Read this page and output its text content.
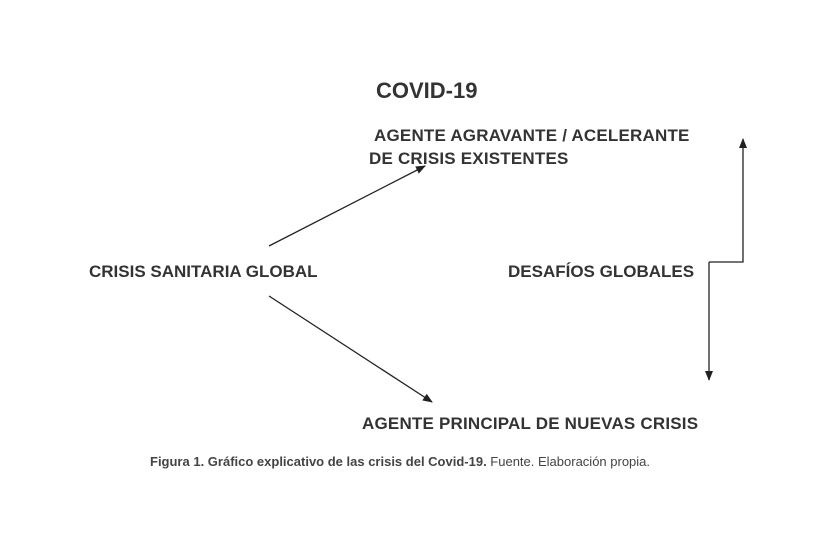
COVID-19
AGENTE AGRAVANTE / ACELERANTE
DE CRISIS EXISTENTES
CRISIS SANITARIA GLOBAL	DESAFÍOS GLOBALES
AGENTE PRINCIPAL DE NUEVAS CRISIS
Figura 1. Gráfico explicativo de las crisis del Covid-19. Fuente. Elaboración propia.
